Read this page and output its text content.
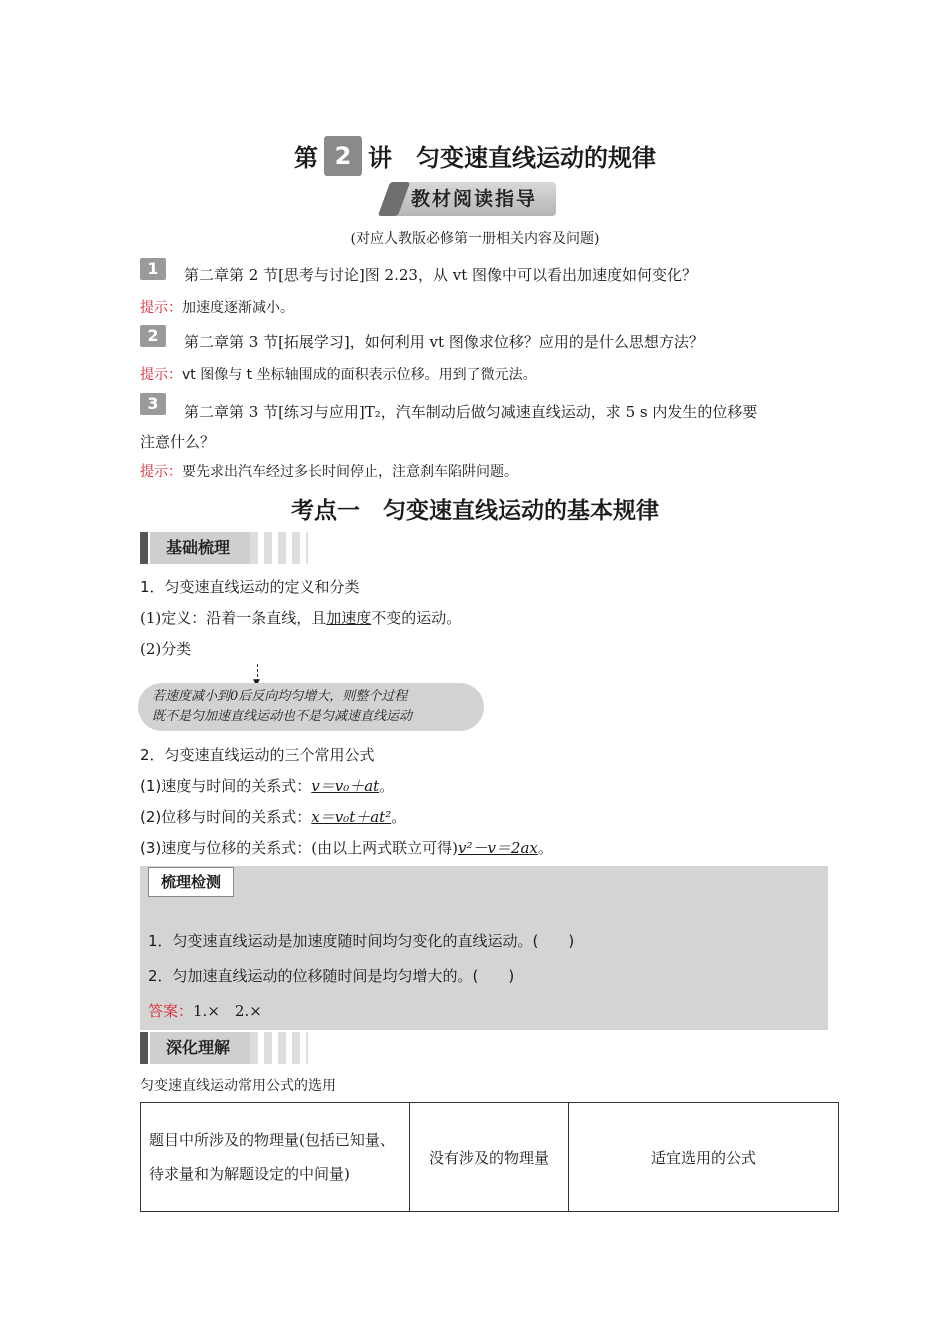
第 2 讲　匀变速直线运动的规律
教材阅读指导
(对应人教版必修第一册相关内容及问题)
1	第二章第 2 节[思考与讨论]图 2.23，从 vt 图像中可以看出加速度如何变化？
提示：加速度逐渐减小。
2	第二章第 3 节[拓展学习]，如何利用 vt 图像求位移？应用的是什么思想方法？
提示：vt 图像与 t 坐标轴围成的面积表示位移。用到了微元法。
3	第二章第 3 节[练习与应用]T₂，汽车制动后做匀减速直线运动，求 5 s 内发生的位移要
注意什么？
提示：要先求出汽车经过多长时间停止，注意刹车陷阱问题。
考点一　匀变速直线运动的基本规律
基础梳理
1．匀变速直线运动的定义和分类
(1)定义：沿着一条直线，且加速度不变的运动。
(2)分类
若速度减小到0后反向均匀增大，则整个过程
既不是匀加速直线运动也不是匀减速直线运动
2．匀变速直线运动的三个常用公式
(1)速度与时间的关系式：v＝v₀＋at。
(2)位移与时间的关系式：x＝v₀t＋at²。
(3)速度与位移的关系式：(由以上两式联立可得)v²－v＝2ax。
梳理检测
1．匀变速直线运动是加速度随时间均匀变化的直线运动。(　　)
2．匀加速直线运动的位移随时间是均匀增大的。(　　)
答案：1.×　2.×
深化理解
匀变速直线运动常用公式的选用
题目中所涉及的物理量(包括已知量、待求量和为解题设定的中间量)	没有涉及的物理量	适宜选用的公式
